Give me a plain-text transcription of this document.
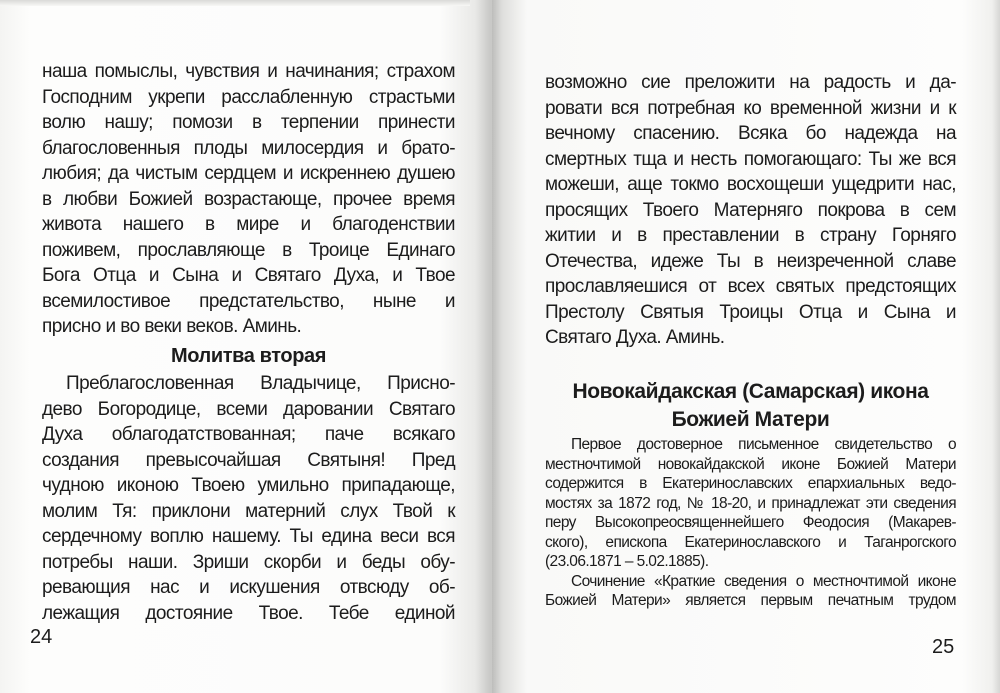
наша помыслы, чувствия и начинания; страхом
Господним укрепи расслабленную страстьми
волю нашу; помози в терпении принести
благословенныя плоды милосердия и брато-
любия; да чистым сердцем и искреннею душею
в любви Божией возрастающе, прочее время
живота нашего в мире и благоденствии
поживем, прославляюще в Троице Единаго
Бога Отца и Сына и Святаго Духа, и Твое
всемилостивое предстательство, ныне и
присно и во веки веков. Аминь.
Молитва вторая
Преблагословенная Владычице, Присно-
дево Богородице, всеми даровании Святаго
Духа облагодатствованная; паче всякаго
создания превысочайшая Святыня! Пред
чудною иконою Твоею умильно припадающе,
молим Тя: приклони матерний слух Твой к
сердечному воплю нашему. Ты едина веси вся
потребы наши. Зриши скорби и беды обу-
ревающия нас и искушения отвсюду об-
лежащия достояние Твое. Тебе единой
24
возможно сие преложити на радость и да-
ровати вся потребная ко временной жизни и к
вечному спасению. Всяка бо надежда на
смертных тща и несть помогающаго: Ты же вся
можеши, аще токмо восхощеши ущедрити нас,
просящих Твоего Матерняго покрова в сем
житии и в преставлении в страну Горняго
Отечества, идеже Ты в неизреченной славе
прославляешися от всех святых предстоящих
Престолу Святыя Троицы Отца и Сына и
Святаго Духа. Аминь.
Новокайдакская (Самарская) икона
Божией Матери
Первое достоверное письменное свидетельство о
местночтимой новокайдакской иконе Божией Матери
содержится в Екатеринославских епархиальных ведо-
мостях за 1872 год, № 18-20, и принадлежат эти сведения
перу Высокопреосвященнейшего Феодосия (Макарев-
ского), епископа Екатеринославского и Таганрогского
(23.06.1871 – 5.02.1885).
Сочинение «Краткие сведения о местночтимой иконе
Божией Матери» является первым печатным трудом
25
